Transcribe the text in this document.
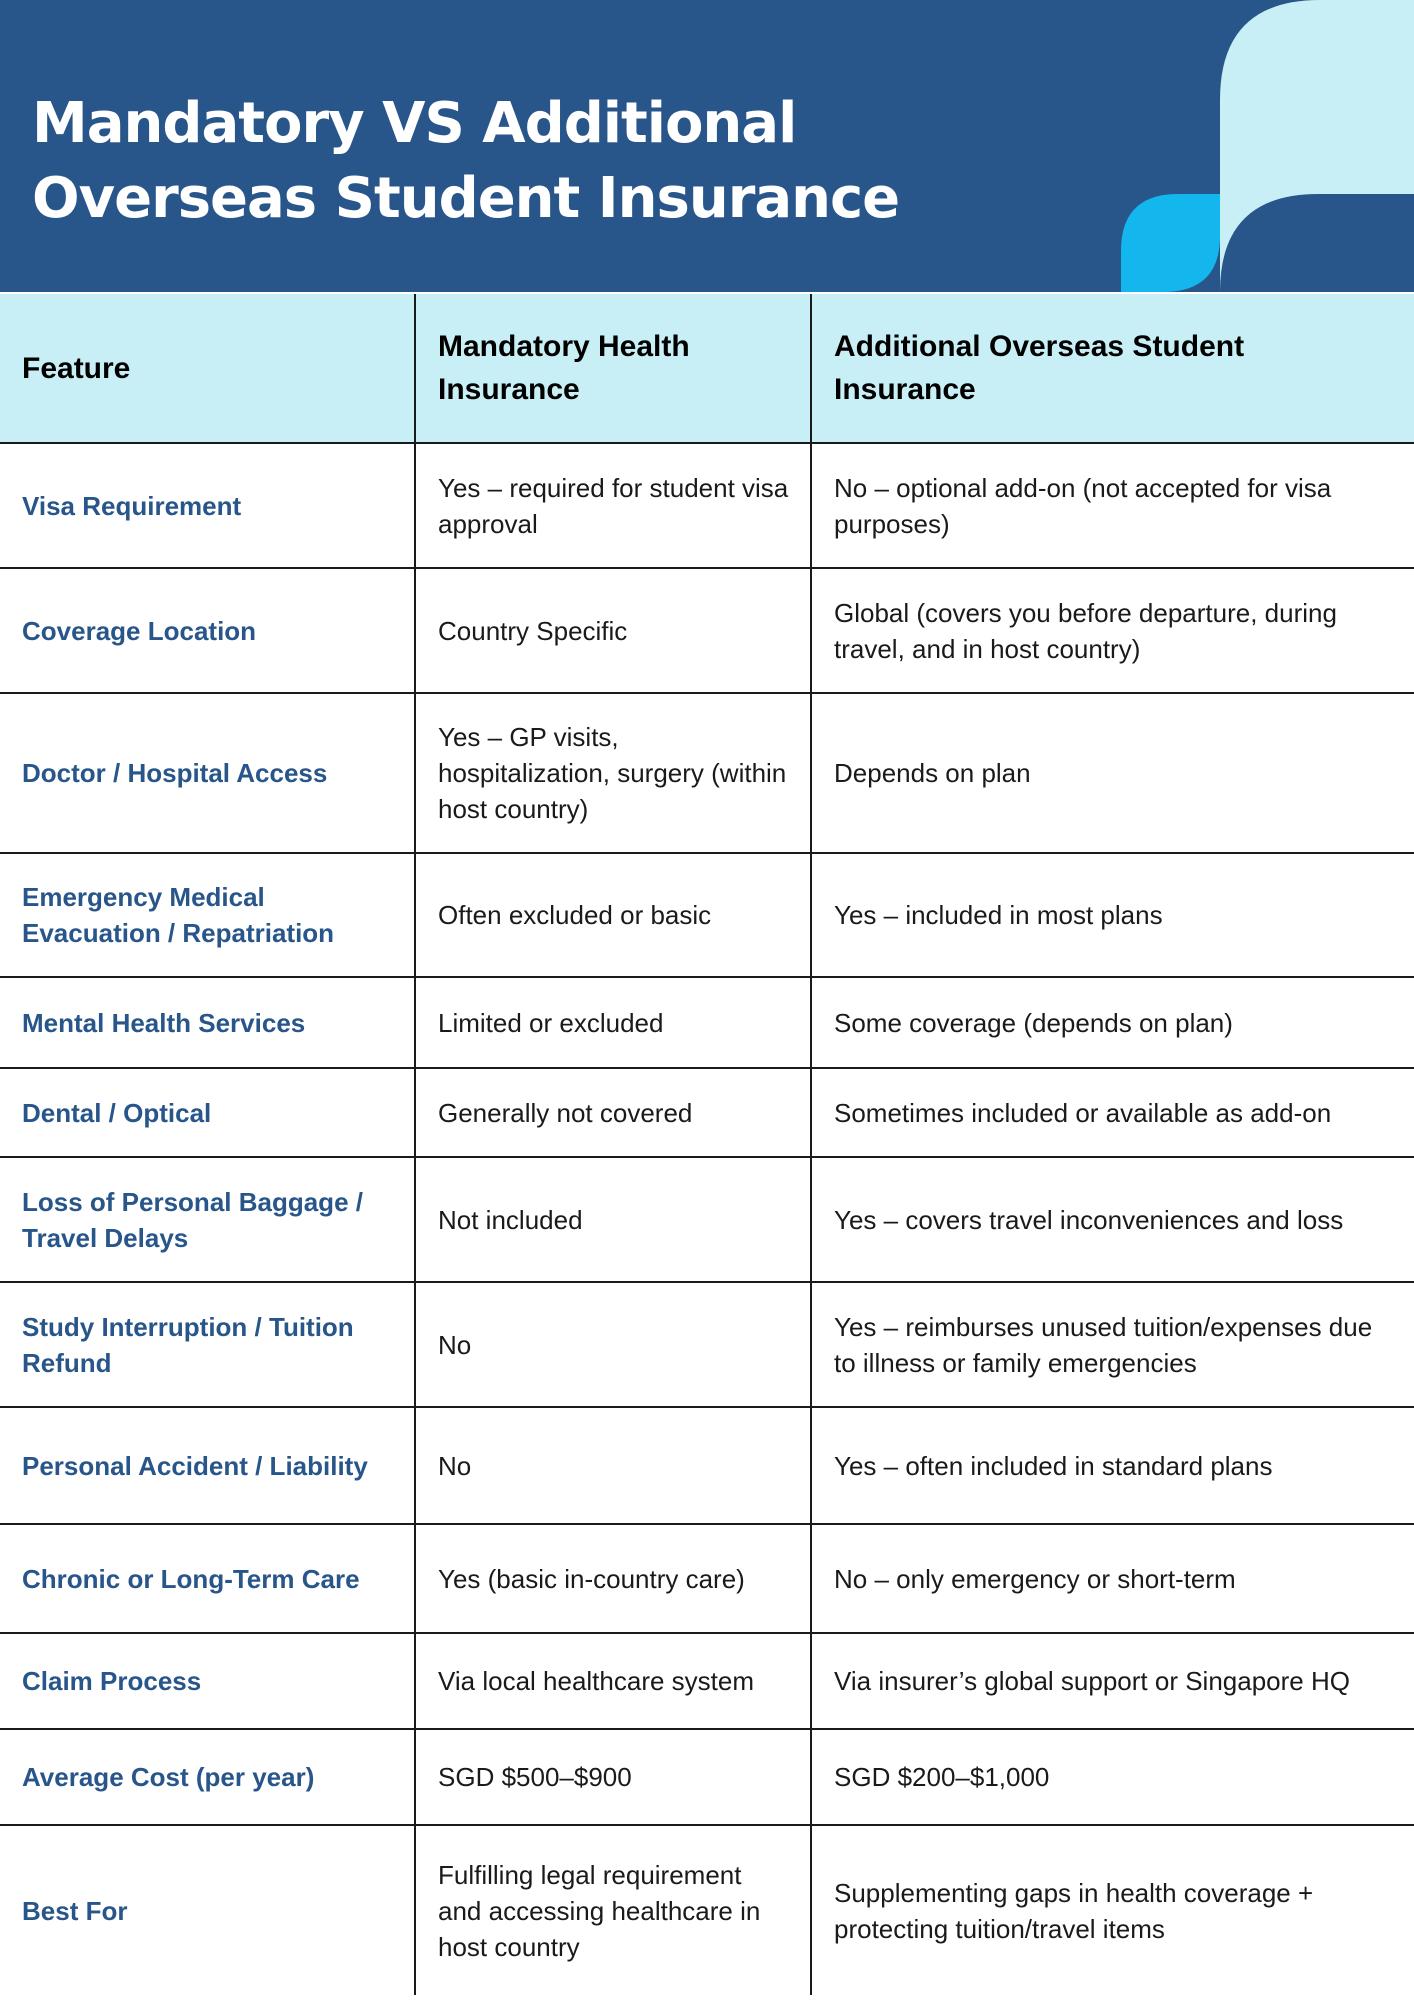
Mandatory VS Additional
Overseas Student Insurance
Feature	Mandatory Health Insurance	Additional Overseas Student Insurance
Visa Requirement	Yes – required for student visa approval	No – optional add-on (not accepted for visa purposes)
Coverage Location	Country Specific	Global (covers you before departure, during travel, and in host country)
Doctor / Hospital Access	Yes – GP visits, hospitalization, surgery (within host country)	Depends on plan
Emergency Medical Evacuation / Repatriation	Often excluded or basic	Yes – included in most plans
Mental Health Services	Limited or excluded	Some coverage (depends on plan)
Dental / Optical	Generally not covered	Sometimes included or available as add-on
Loss of Personal Baggage / Travel Delays	Not included	Yes – covers travel inconveniences and loss
Study Interruption / Tuition Refund	No	Yes – reimburses unused tuition/expenses due to illness or family emergencies
Personal Accident / Liability	No	Yes – often included in standard plans
Chronic or Long-Term Care	Yes (basic in-country care)	No – only emergency or short-term
Claim Process	Via local healthcare system	Via insurer’s global support or Singapore HQ
Average Cost (per year)	SGD $500–$900	SGD $200–$1,000
Best For	Fulfilling legal requirement and accessing healthcare in host country	Supplementing gaps in health coverage + protecting tuition/travel items
